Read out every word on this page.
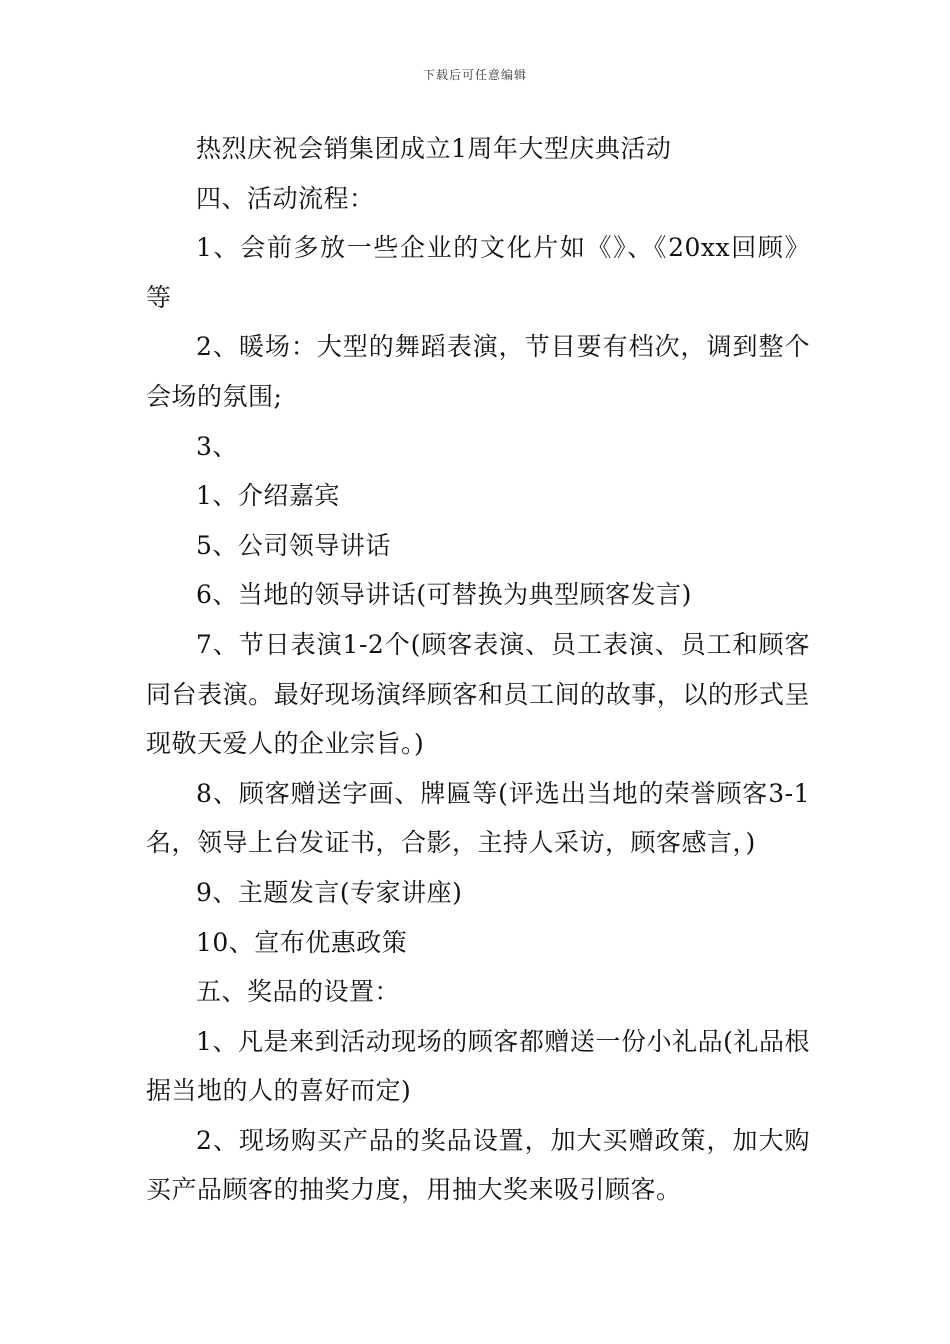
下载后可任意编辑

热烈庆祝会销集团成立1周年大型庆典活动

四、活动流程：

1、会前多放一些企业的文化片如《》、《20xx回顾》等

2、暖场：大型的舞蹈表演，节目要有档次，调到整个会场的氛围;

3、

1、介绍嘉宾

5、公司领导讲话

6、当地的领导讲话(可替换为典型顾客发言)

7、节日表演1-2个(顾客表演、员工表演、员工和顾客同台表演。最好现场演绎顾客和员工间的故事，以的形式呈现敬天爱人的企业宗旨。)

8、顾客赠送字画、牌匾等(评选出当地的荣誉顾客3-1名，领导上台发证书，合影，主持人采访，顾客感言，)

9、主题发言(专家讲座)

10、宣布优惠政策

五、奖品的设置：

1、凡是来到活动现场的顾客都赠送一份小礼品(礼品根据当地的人的喜好而定)

2、现场购买产品的奖品设置，加大买赠政策，加大购买产品顾客的抽奖力度，用抽大奖来吸引顾客。
